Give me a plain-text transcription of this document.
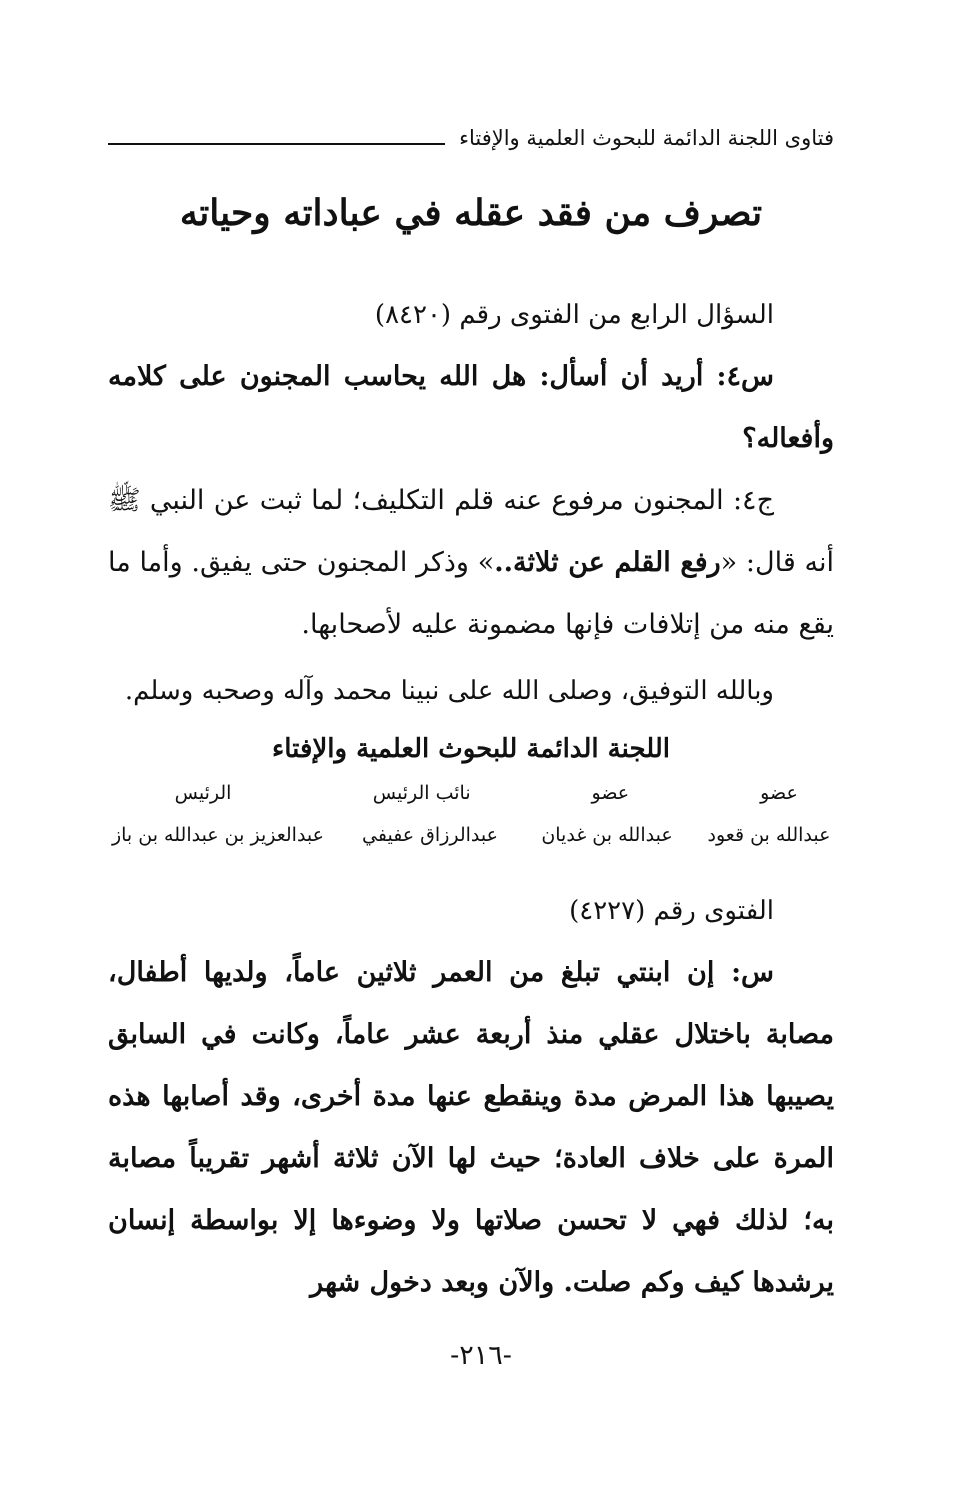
فتاوى اللجنة الدائمة للبحوث العلمية والإفتاء
تصرف من فقد عقله في عباداته وحياته
السؤال الرابع من الفتوى رقم (٨٤٢٠)
س٤: أريد أن أسأل: هل الله يحاسب المجنون على كلامه وأفعاله؟
ج٤: المجنون مرفوع عنه قلم التكليف؛ لما ثبت عن النبي ﷺ أنه قال: «رفع القلم عن ثلاثة..» وذكر المجنون حتى يفيق. وأما ما يقع منه من إتلافات فإنها مضمونة عليه لأصحابها.
وبالله التوفيق، وصلى الله على نبينا محمد وآله وصحبه وسلم.
اللجنة الدائمة للبحوث العلمية والإفتاء
عضو
عضو
نائب الرئيس
الرئيس
عبدالله بن قعود
عبدالله بن غديان
عبدالرزاق عفيفي
عبدالعزيز بن عبدالله بن باز
الفتوى رقم (٤٢٢٧)
س: إن ابنتي تبلغ من العمر ثلاثين عاماً، ولديها أطفال، مصابة باختلال عقلي منذ أربعة عشر عاماً، وكانت في السابق يصيبها هذا المرض مدة وينقطع عنها مدة أخرى، وقد أصابها هذه المرة على خلاف العادة؛ حيث لها الآن ثلاثة أشهر تقريباً مصابة به؛ لذلك فهي لا تحسن صلاتها ولا وضوءها إلا بواسطة إنسان يرشدها كيف وكم صلت. والآن وبعد دخول شهر
-٢١٦-
